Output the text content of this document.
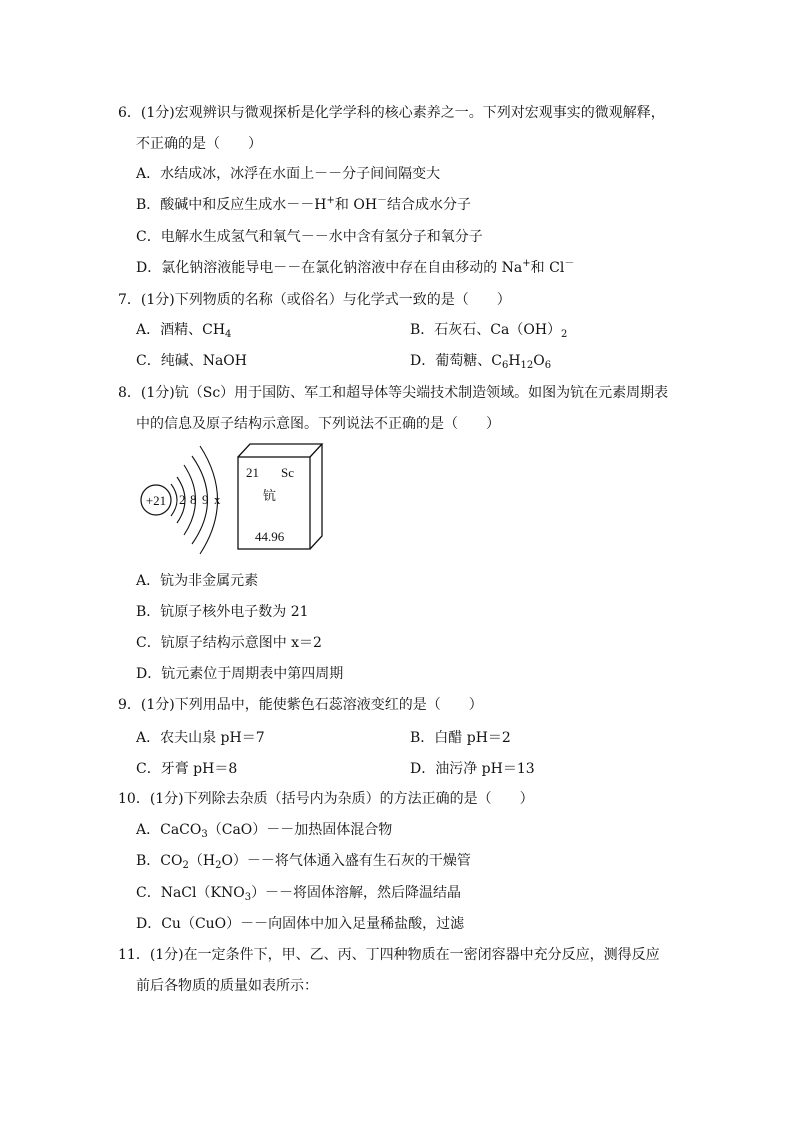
6．(1分)宏观辨识与微观探析是化学学科的核心素养之一。下列对宏观事实的微观解释，
不正确的是（　　）
A．水结成冰，冰浮在水面上－－分子间间隔变大
B．酸碱中和反应生成水－－H+和 OH－结合成水分子
C．电解水生成氢气和氧气－－水中含有氢分子和氧分子
D．氯化钠溶液能导电－－在氯化钠溶液中存在自由移动的 Na+和 Cl－
7．(1分)下列物质的名称（或俗名）与化学式一致的是（　　）
A．酒精、$CH_4$	B．石灰石、$Ca(OH)_2$
C．纯碱、NaOH	D．葡萄糖、$C_6H_{12}O_6$
8．(1分)钪（Sc）用于国防、军工和超导体等尖端技术制造领域。如图为钪在元素周期表
中的信息及原子结构示意图。下列说法不正确的是（　　）
+21 2 8 9 x
21 Sc
钪
44.96
A．钪为非金属元素
B．钪原子核外电子数为 21
C．钪原子结构示意图中 x＝2
D．钪元素位于周期表中第四周期
9．(1分)下列用品中，能使紫色石蕊溶液变红的是（　　）
A．农夫山泉 pH＝7	B．白醋 pH＝2
C．牙膏 pH＝8	D．油污净 pH＝13
10．(1分)下列除去杂质（括号内为杂质）的方法正确的是（　　）
A．CaCO$_3$（CaO）－－加热固体混合物
B．$CO_2(H_2O)--$将气体通入盛有生石灰的干燥管
C．$NaCl(KNO_3)--$将固体溶解，然后降温结晶
D．Cu（CuO）－－向固体中加入足量稀盐酸，过滤
11．(1分)在一定条件下，甲、乙、丙、丁四种物质在一密闭容器中充分反应，测得反应
前后各物质的质量如表所示：
